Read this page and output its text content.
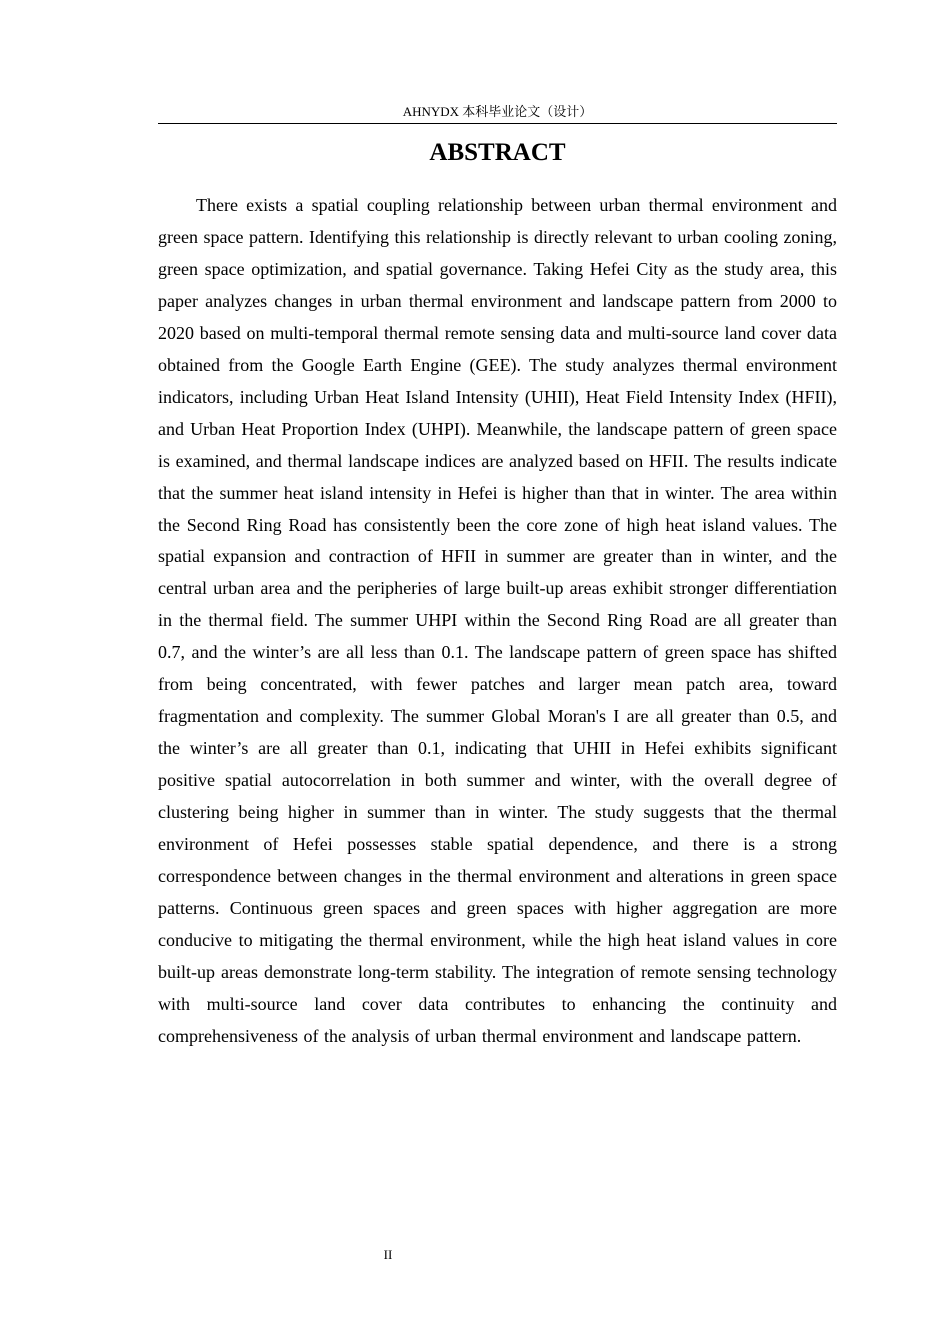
AHNYDX 本科毕业论文（设计）
ABSTRACT

There exists a spatial coupling relationship between urban thermal environment and green space pattern. Identifying this relationship is directly relevant to urban cooling zoning, green space optimization, and spatial governance. Taking Hefei City as the study area, this paper analyzes changes in urban thermal environment and landscape pattern from 2000 to 2020 based on multi-temporal thermal remote sensing data and multi-source land cover data obtained from the Google Earth Engine (GEE). The study analyzes thermal environment indicators, including Urban Heat Island Intensity (UHII), Heat Field Intensity Index (HFII), and Urban Heat Proportion Index (UHPI). Meanwhile, the landscape pattern of green space is examined, and thermal landscape indices are analyzed based on HFII. The results indicate that the summer heat island intensity in Hefei is higher than that in winter. The area within the Second Ring Road has consistently been the core zone of high heat island values. The spatial expansion and contraction of HFII in summer are greater than in winter, and the central urban area and the peripheries of large built-up areas exhibit stronger differentiation in the thermal field. The summer UHPI within the Second Ring Road are all greater than 0.7, and the winter’s are all less than 0.1. The landscape pattern of green space has shifted from being concentrated, with fewer patches and larger mean patch area, toward fragmentation and complexity. The summer Global Moran's I are all greater than 0.5, and the winter’s are all greater than 0.1, indicating that UHII in Hefei exhibits significant positive spatial autocorrelation in both summer and winter, with the overall degree of clustering being higher in summer than in winter. The study suggests that the thermal environment of Hefei possesses stable spatial dependence, and there is a strong correspondence between changes in the thermal environment and alterations in green space patterns. Continuous green spaces and green spaces with higher aggregation are more conducive to mitigating the thermal environment, while the high heat island values in core built-up areas demonstrate long-term stability. The integration of remote sensing technology with multi-source land cover data contributes to enhancing the continuity and comprehensiveness of the analysis of urban thermal environment and landscape pattern.

II
